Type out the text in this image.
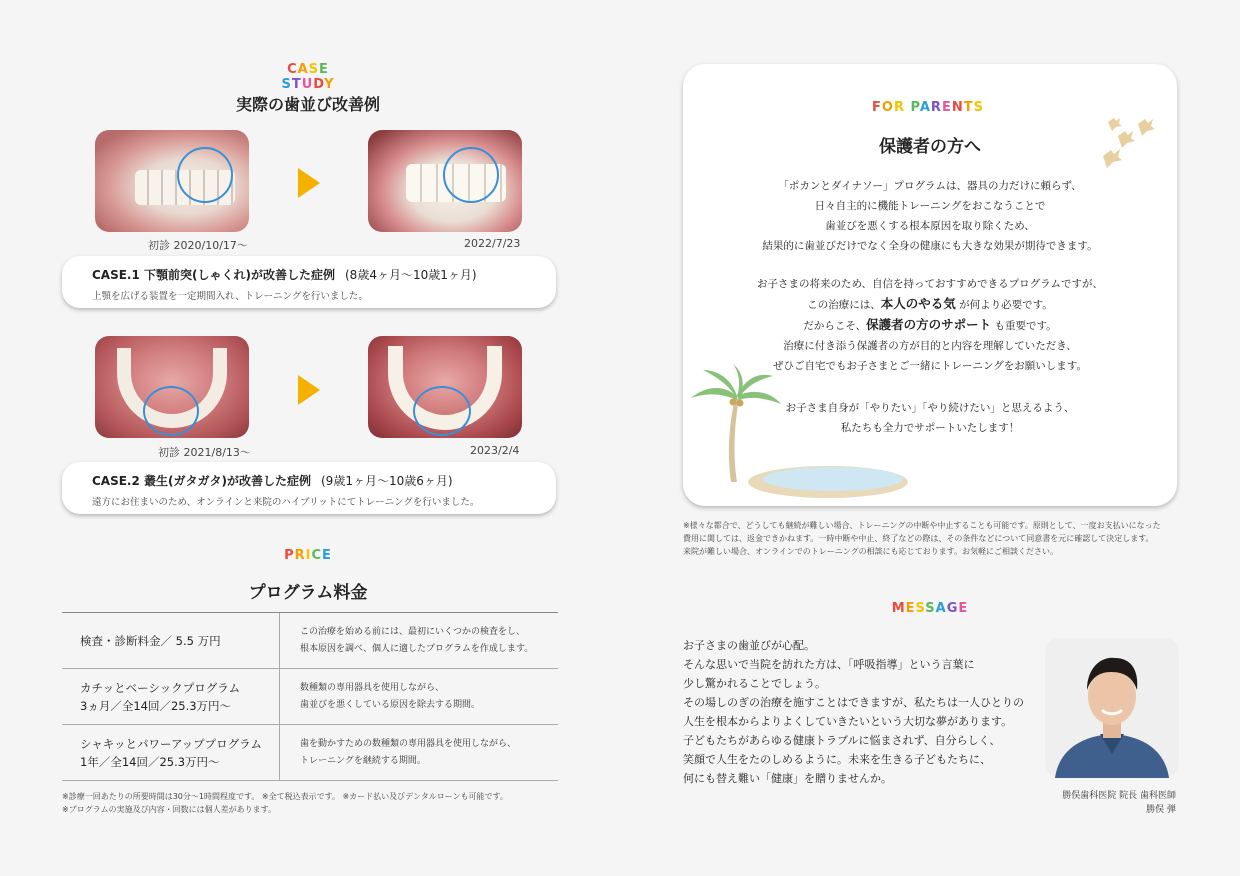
CASE STUDY
実際の歯並び改善例
初診 2020/10/17〜	2022/7/23
CASE.1 下顎前突(しゃくれ)が改善した症例 (8歳4ヶ月〜10歳1ヶ月)
上顎を広げる装置を一定期間入れ、トレーニングを行いました。
初診 2021/8/13〜	2023/2/4
CASE.2 叢生(ガタガタ)が改善した症例 (9歳1ヶ月〜10歳6ヶ月)
遠方にお住まいのため、オンラインと来院のハイブリットにてトレーニングを行いました。
PRICE
プログラム料金
検査・診断料金／ 5.5 万円
この治療を始める前には、最初にいくつかの検査をし、
根本原因を調べ、個人に適したプログラムを作成します。
カチッとベーシックプログラム
3ヵ月／全14回／25.3万円〜
数種類の専用器具を使用しながら、
歯並びを悪くしている原因を除去する期間。
シャキッとパワーアッププログラム
1年／全14回／25.3万円〜
歯を動かすための数種類の専用器具を使用しながら、
トレーニングを継続する期間。
※診療一回あたりの所要時間は30分〜1時間程度です。 ※全て税込表示です。 ※カード払い及びデンタルローンも可能です。
※プログラムの実施及び内容・回数には個人差があります。
FOR PARENTS
保護者の方へ
「ポカンとダイナソー」プログラムは、器具の力だけに頼らず、
日々自主的に機能トレーニングをおこなうことで
歯並びを悪くする根本原因を取り除くため、
結果的に歯並びだけでなく全身の健康にも大きな効果が期待できます。
お子さまの将来のため、自信を持っておすすめできるプログラムですが、
この治療には、本人のやる気 が何より必要です。
だからこそ、保護者の方のサポート も重要です。
治療に付き添う保護者の方が目的と内容を理解していただき、
ぜひご自宅でもお子さまとご一緒にトレーニングをお願いします。
お子さま自身が「やりたい」「やり続けたい」と思えるよう、
私たちも全力でサポートいたします！
※様々な都合で、どうしても継続が難しい場合、トレーニングの中断や中止することも可能です。原則として、一度お支払いになった
費用に関しては、返金できかねます。一時中断や中止、終了などの際は、その条件などについて同意書を元に確認して決定します。
来院が難しい場合、オンラインでのトレーニングの相談にも応じております。お気軽にご相談ください。
MESSAGE
お子さまの歯並びが心配。
そんな思いで当院を訪れた方は、「呼吸指導」という言葉に
少し驚かれることでしょう。
その場しのぎの治療を施すことはできますが、私たちは一人ひとりの
人生を根本からよりよくしていきたいという大切な夢があります。
子どもたちがあらゆる健康トラブルに悩まされず、自分らしく、
笑顔で人生をたのしめるように。未来を生きる子どもたちに、
何にも替え難い「健康」を贈りませんか。
勝俣歯科医院 院長 歯科医師
勝俣 弾
